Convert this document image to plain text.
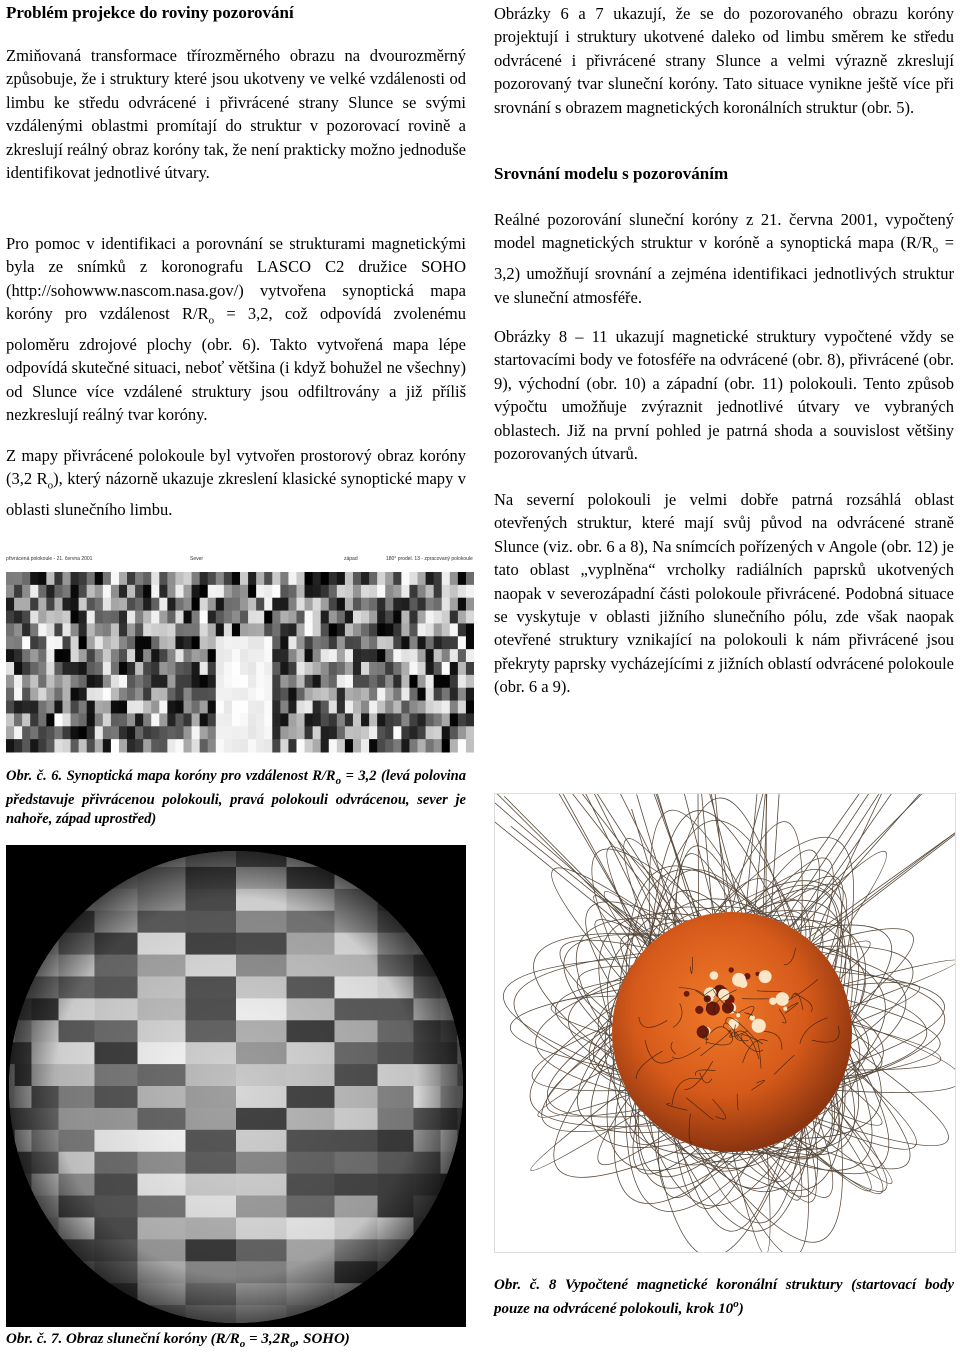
Problém projekce do roviny pozorování

Zmiňovaná transformace třírozměrného obrazu na dvourozměrný způsobuje, že i struktury které jsou ukotveny ve velké vzdálenosti od limbu ke středu odvrácené i přivrácené strany Slunce se svými vzdálenými oblastmi promítají do struktur v pozorovací rovině a zkreslují reálný obraz koróny tak, že není prakticky možno jednoduše identifikovat jednotlivé útvary.

Pro pomoc v identifikaci a porovnání se strukturami magnetickými byla ze snímků z koronografu LASCO C2 družice SOHO (http://sohowww.nascom.nasa.gov/) vytvořena synoptická mapa koróny pro vzdálenost $R/R_o = 3,2$, což odpovídá zvolenému poloměru zdrojové plochy (obr. 6). Takto vytvořená mapa lépe odpovídá skutečné situaci, neboť většina (i když bohužel ne všechny) od Slunce více vzdálené struktury jsou odfiltrovány a již příliš nezkreslují reálný tvar koróny.

Z mapy přivrácené polokoule byl vytvořen prostorový obraz koróny (3,2 $R_o$), který názorně ukazuje zkreslení klasické synoptické mapy v oblasti slunečního limbu.

přivrácená polokoule - 21. června 2001	Sever	západ	180° prodel. 13 - zpracovaný polokoule

Obr. č. 6. Synoptická mapa koróny pro vzdálenost $R/R_o = 3,2$ (levá polovina představuje přivrácenou polokouli, pravá polokouli odvrácenou, sever je nahoře, západ uprostřed)

Obr. č. 7. Obraz sluneční koróny ($R/R_o = 3,2R_o$, SOHO)

Obrázky 6 a 7 ukazují, že se do pozorovaného obrazu koróny projektují i struktury ukotvené daleko od limbu směrem ke středu odvrácené i přivrácené strany Slunce a velmi výrazně zkreslují pozorovaný tvar sluneční koróny. Tato situace vynikne ještě více při srovnání s obrazem magnetických koronálních struktur (obr. 5).

Srovnání modelu s pozorováním

Reálné pozorování sluneční koróny z 21. června 2001, vypočtený model magnetických struktur v koróně a synoptická mapa $(R/R_o = 3,2)$ umožňují srovnání a zejména identifikaci jednotlivých struktur ve sluneční atmosféře.

Obrázky 8 – 11 ukazují magnetické struktury vypočtené vždy se startovacími body ve fotosféře na odvrácené (obr. 8), přivrácené (obr. 9), východní (obr. 10) a západní (obr. 11) polokouli. Tento způsob výpočtu umožňuje zvýraznit jednotlivé útvary ve vybraných oblastech. Již na první pohled je patrná shoda a souvislost většiny pozorovaných útvarů.

Na severní polokouli je velmi dobře patrná rozsáhlá oblast otevřených struktur, které mají svůj původ na odvrácené straně Slunce (viz. obr. 6 a 8), Na snímcích pořízených v Angole (obr. 12) je tato oblast „vyplněna“ vrcholky radiálních paprsků ukotvených naopak v severozápadní části polokoule přivrácené. Podobná situace se vyskytuje v oblasti jižního slunečního pólu, zde však naopak otevřené struktury vznikající na polokouli k nám přivrácené jsou překryty paprsky vycházejícími z jižních oblastí odvrácené polokoule (obr. 6 a 9).

Obr. č. 8 Vypočtené magnetické koronální struktury (startovací body pouze na odvrácené polokouli, krok 10$^o$)
